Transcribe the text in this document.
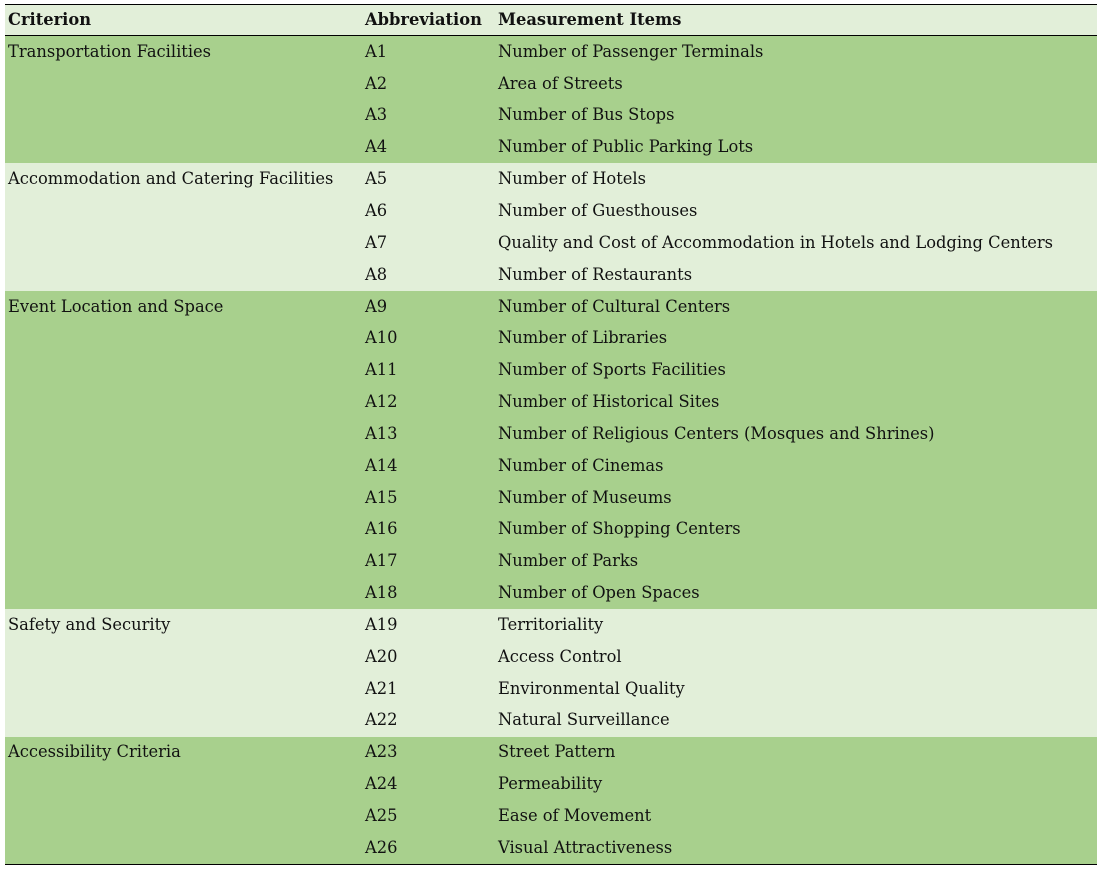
Criterion	Abbreviation	Measurement Items
Transportation Facilities	A1	Number of Passenger Terminals
	A2	Area of Streets
	A3	Number of Bus Stops
	A4	Number of Public Parking Lots
Accommodation and Catering Facilities	A5	Number of Hotels
	A6	Number of Guesthouses
	A7	Quality and Cost of Accommodation in Hotels and Lodging Centers
	A8	Number of Restaurants
Event Location and Space	A9	Number of Cultural Centers
	A10	Number of Libraries
	A11	Number of Sports Facilities
	A12	Number of Historical Sites
	A13	Number of Religious Centers (Mosques and Shrines)
	A14	Number of Cinemas
	A15	Number of Museums
	A16	Number of Shopping Centers
	A17	Number of Parks
	A18	Number of Open Spaces
Safety and Security	A19	Territoriality
	A20	Access Control
	A21	Environmental Quality
	A22	Natural Surveillance
Accessibility Criteria	A23	Street Pattern
	A24	Permeability
	A25	Ease of Movement
	A26	Visual Attractiveness
